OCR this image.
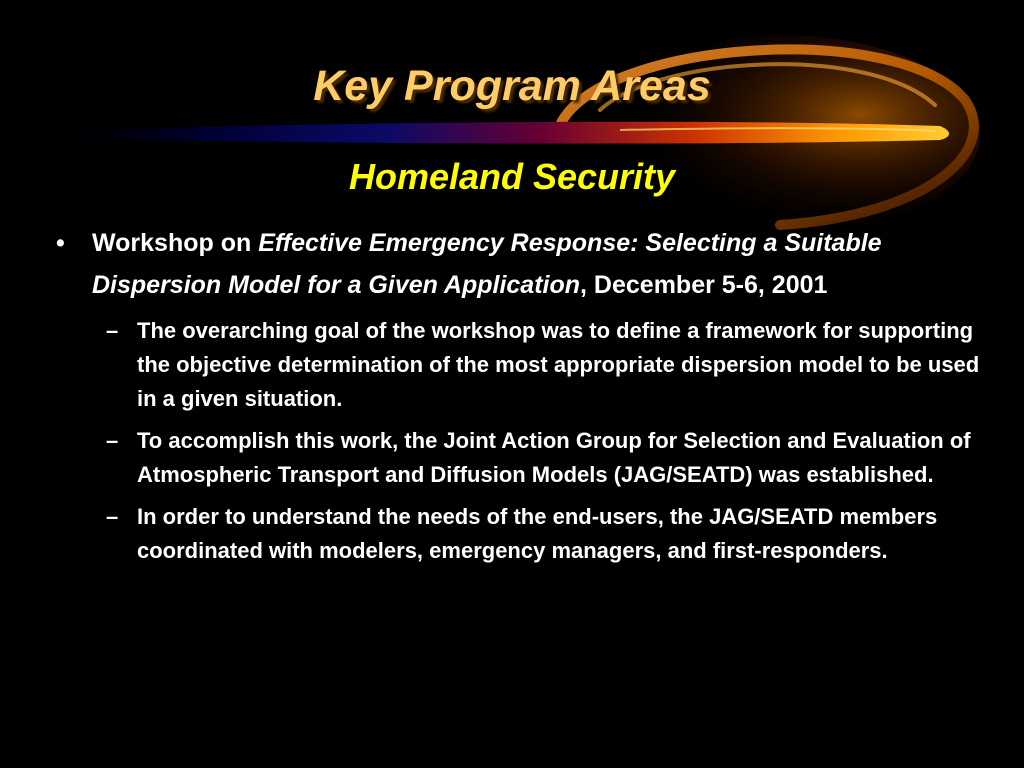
Key Program Areas
Homeland Security
• Workshop on Effective Emergency Response: Selecting a Suitable Dispersion Model for a Given Application, December 5-6, 2001
– The overarching goal of the workshop was to define a framework for supporting the objective determination of the most appropriate dispersion model to be used in a given situation.
– To accomplish this work, the Joint Action Group for Selection and Evaluation of Atmospheric Transport and Diffusion Models (JAG/SEATD) was established.
– In order to understand the needs of the end-users, the JAG/SEATD members coordinated with modelers, emergency managers, and first-responders.
